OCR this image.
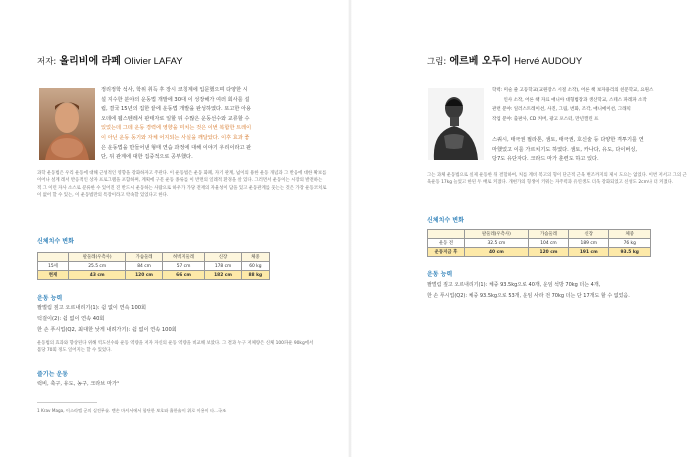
저자: 올리비에 라페 Olivier LAFAY
정리정학 석사, 학위 취득 후 장시 코칭계에 입문했으며 다양한 시
설 지수한 분야의 운동법 개발에 30대 이 성장해가 여러 회사를 설
립, 결국 15년의 집한 끝에 운동법 개발을 완성하였다. 또고한 아용
오데에 웹스텐레서 판태자로 일할 뒤 수많은 운동선수와 교류할 수
있었는데 그데 운동 경력에 영향을 미치는 것은 이번 복합한 트레이
이 아닌 운동 동기와 자체 어지되는 사실을 깨달았다. 이후 효과 좋
은 운동법을 만들어낸 형태 연습 과정에 대해 이야기 우리이라고 판
단, 뒤 관계에 대한 집중적으로 공부했다.
과학 운동법은 우리 운동에 대해 근성적인 영향을 강화하자고 주관다. 이 운동법은 운동 화폐, 자기 관계, 넓이의 용한 운동 개념과 그 반응에 대한 확보를 이어나 설계 레서 반응적인 상자 프로그램을 포함하며, 계획에 구문 운동 종류를 이 반면의 일례적 환경을 살 있다. 그러면서 운동이는 시장의 발전하는 적 그 이런 자사 소스로 분류한 수 있어진 진 반드시 운동하는 사람으로 하우가 가당 전재의 자율성이 담을 있고 운동관계를 웃는는 것은 가장 운동코치로이 없어 할 수 있는, 이 운동법만의 특장이라고 약속할 있었다고 한다.
신체치수 변화
	팔둘레(우측사)	가슴둘레	허벅지둘레	신장	체중
15세	25.5 cm	84 cm	57 cm	178 cm	60 kg
현재	43 cm	120 cm	66 cm	182 cm	88 kg
운동 능력
팔벌림 짚고 오르내리기(1): 쉼 없이 연속 100회
턱걸이(2): 쉼 없이 연속 40회
한 손 푸시업(Q2, 최대한 낮게 내려가기): 쉼 없이 연속 100회
운동법의 효과와 향상된다 위해 역도선수와 운동 역량을 저자 자신의 운동 역량을 비교해 보았다. 그 결과 누구 저체량은 신체 100파운 90kg에서 몸당 70회 정도 일어지는 할 수 있었다.
즐기는 운동
럭비, 축구, 유도, 농구, 크라브 마가¹
1 Krav Maga, 이스라엘 군의 실전무술. 맨손 마셔서에서 합단한 보호와 흡한술이 위로 이용이 타...국조
그림: 에르베 오두이 Hervé AUDOUY
학력: 미술 줄 고등학교(교원장스 시절 소작), 어른 책 보자용리의 친문학교, 요원스
인사 소작, 어른 책 자료 애니아 대형법장과 생산학교, 스테스 파레파 소작
관련 분야: 일러스트레이션, 사진, 그림, 번화, 조각, 애니메이션, 그래픽
작업 분야: 출판사, CD 커버, 광고 포스터, 만년캘린 프
스쿼시, 태극권 필라톤, 샘토, 태극권, 호신술 등 다양한 격투기를 연
마했었고 이를 가르치기도 하였다. 샘토, 카나다, 유도, 다이버싱,
당7도 유단자다. 크라드 마가 훈련도 하고 있다.
그는 과체 운동법으로 실제 운동한 뒤 결험하여, 처를 계비 복고의 형이 단근적 근육 변조까지의 제시 도으는 없었다. 이번 저서고 그의 근육운동 17kg 늘었고 한된 두 배로 커졌다. 개현가의 형생이 키워는 자주력과 유연생도 더욱 강화되었고 신성도 2cm나 더 커졌다.
신체치수 변화
	팔둘레(우측사)	가슴둘레	신장	체중
운동 전	32.5 cm	104 cm	189 cm	76 kg
운동지금 후	40 cm	120 cm	191 cm	93.5 kg
운동 능력
팔벌림 짚고 오르내리기(1): 체중 93.5kg으로 40개, 운임 석방 70kg 더는 4개,
한 손 푸시업(Q2): 체중 93.5kg으로 53개, 운임 사라 전 70kg 더는 단 17개도 할 수 없었음.
